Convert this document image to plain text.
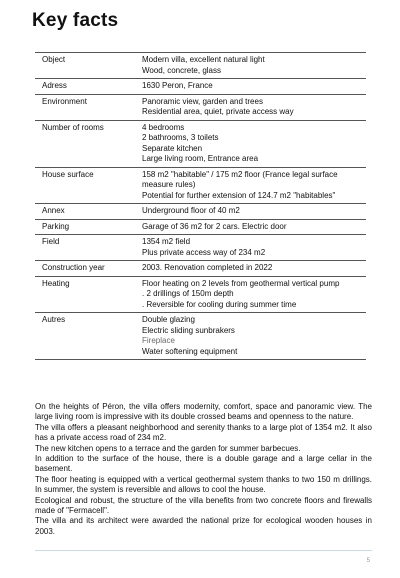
Key facts
Object	Modern villa, excellent natural light
Wood, concrete, glass
Adress	1630 Peron, France
Environment	Panoramic view, garden and trees
Residential area, quiet, private access way
Number of rooms	4 bedrooms
2 bathrooms, 3 toilets
Separate kitchen
Large living room, Entrance area
House surface	158 m2 "habitable" / 175 m2 floor (France legal surface
measure rules)
Potential for further extension of 124.7 m2 "habitables"
Annex	Underground floor of 40 m2
Parking	Garage of 36 m2 for 2 cars. Electric door
Field	1354 m2 field
Plus private access way of 234 m2
Construction year	2003. Renovation completed in 2022
Heating	Floor heating on 2 levels from geothermal vertical pump
. 2 drillings of 150m depth
. Reversible for cooling during summer time
Autres	Double glazing
Electric sliding sunbrakers
Fireplace
Water softening equipment

On the heights of Péron, the villa offers modernity, comfort, space and panoramic view. The large living room is impressive with its double crossed beams and openness to the nature.

The villa offers a pleasant neighborhood and serenity thanks to a large plot of 1354 m2. It also has a private access road of 234 m2.

The new kitchen opens to a terrace and the garden for summer barbecues.

In addition to the surface of the house, there is a double garage and a large cellar in the basement.

The floor heating is equipped with a vertical geothermal system thanks to two 150 m drillings. In summer, the system is reversible and allows to cool the house.

Ecological and robust, the structure of the villa benefits from two concrete floors and firewalls made of "Fermacell".

The villa and its architect were awarded the national prize for ecological wooden houses in 2003.

5
